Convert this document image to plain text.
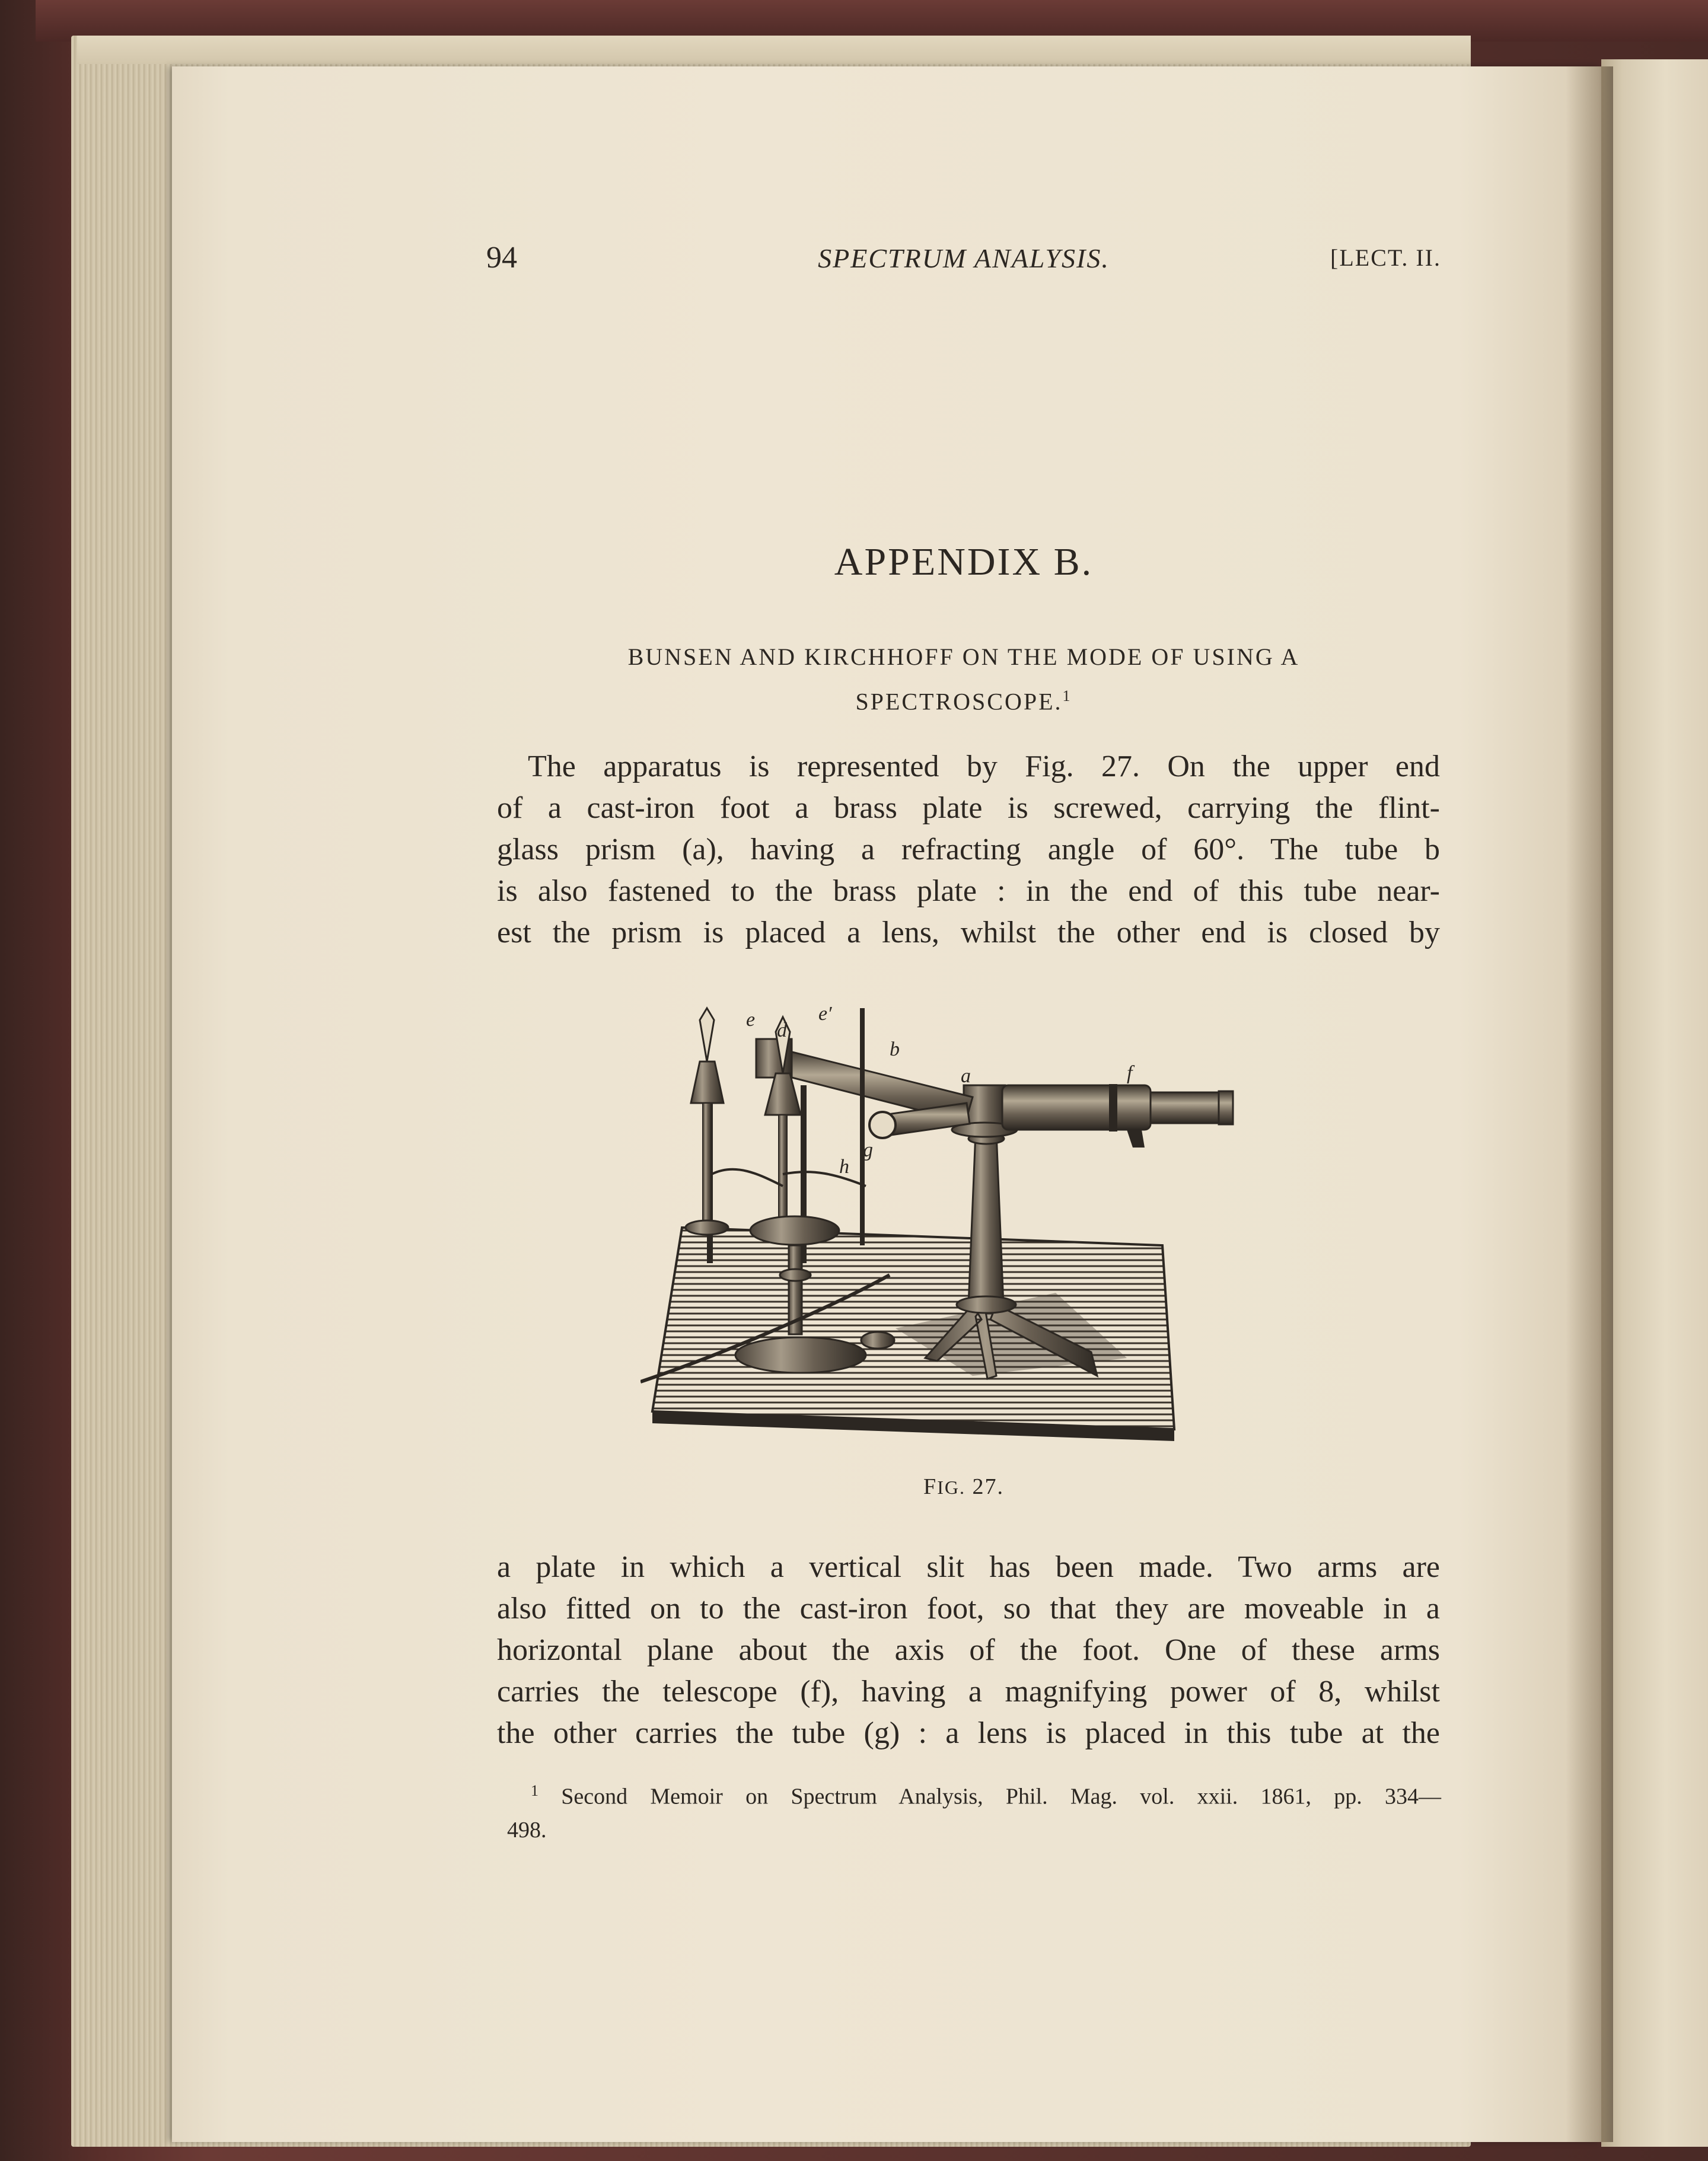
94	SPECTRUM ANALYSIS.	[LECT. II.
APPENDIX B.
BUNSEN AND KIRCHHOFF ON THE MODE OF USING A
SPECTROSCOPE.$^1$
The apparatus is represented by Fig. 27. On the upper end
of a cast-iron foot a brass plate is screwed, carrying the flint-
glass prism (a), having a refracting angle of 60°. The tube b
is also fastened to the brass plate : in the end of this tube near-
est the prism is placed a lens, whilst the other end is closed by
e d
e′
b
a	f
h
g
FIG. 27.
a plate in which a vertical slit has been made. Two arms are
also fitted on to the cast-iron foot, so that they are moveable in a
horizontal plane about the axis of the foot. One of these arms
carries the telescope (f), having a magnifying power of 8, whilst
the other carries the tube (g) : a lens is placed in this tube at the
$^1$ Second Memoir on Spectrum Analysis, Phil. Mag. vol. xxii. 1861, pp. 334—
498.
